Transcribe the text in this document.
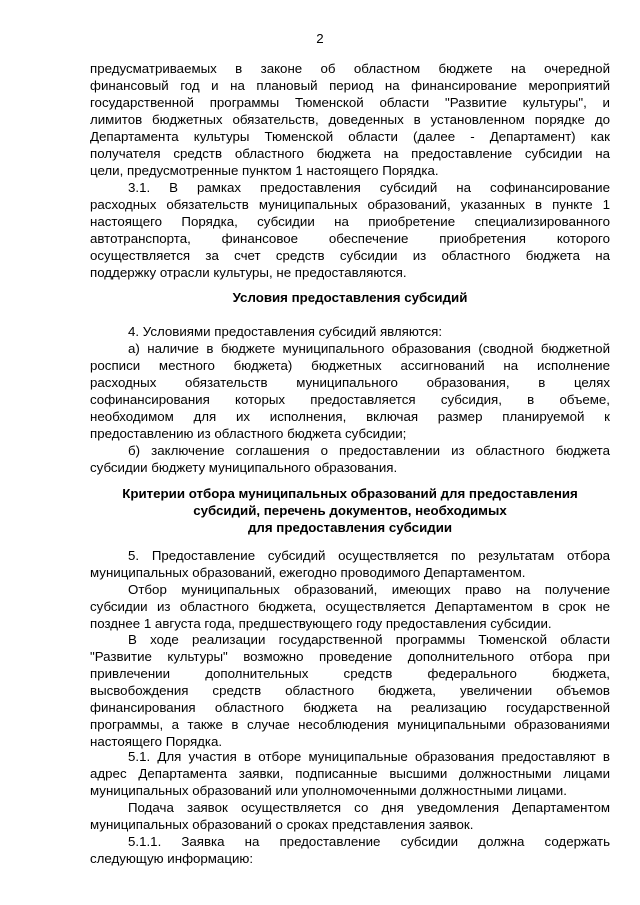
2
предусматриваемых в законе об областном бюджете на очередной
финансовый год и на плановый период на финансирование мероприятий
государственной программы Тюменской области "Развитие культуры", и
лимитов бюджетных обязательств, доведенных в установленном порядке до
Департамента культуры Тюменской области (далее - Департамент) как
получателя средств областного бюджета на предоставление субсидии на
цели, предусмотренные пунктом 1 настоящего Порядка.
3.1. В рамках предоставления субсидий на софинансирование
расходных обязательств муниципальных образований, указанных в пункте 1
настоящего Порядка, субсидии на приобретение специализированного
автотранспорта, финансовое обеспечение приобретения которого
осуществляется за счет средств субсидии из областного бюджета на
поддержку отрасли культуры, не предоставляются.
Условия предоставления субсидий
4. Условиями предоставления субсидий являются:
а) наличие в бюджете муниципального образования (сводной бюджетной
росписи местного бюджета) бюджетных ассигнований на исполнение
расходных обязательств муниципального образования, в целях
софинансирования которых предоставляется субсидия, в объеме,
необходимом для их исполнения, включая размер планируемой к
предоставлению из областного бюджета субсидии;
б) заключение соглашения о предоставлении из областного бюджета
субсидии бюджету муниципального образования.
Критерии отбора муниципальных образований для предоставления
субсидий, перечень документов, необходимых
для предоставления субсидии
5. Предоставление субсидий осуществляется по результатам отбора
муниципальных образований, ежегодно проводимого Департаментом.
Отбор муниципальных образований, имеющих право на получение
субсидии из областного бюджета, осуществляется Департаментом в срок не
позднее 1 августа года, предшествующего году предоставления субсидии.
В ходе реализации государственной программы Тюменской области
"Развитие культуры" возможно проведение дополнительного отбора при
привлечении дополнительных средств федерального бюджета,
высвобождения средств областного бюджета, увеличении объемов
финансирования областного бюджета на реализацию государственной
программы, а также в случае несоблюдения муниципальными образованиями
настоящего Порядка.
5.1. Для участия в отборе муниципальные образования предоставляют в
адрес Департамента заявки, подписанные высшими должностными лицами
муниципальных образований или уполномоченными должностными лицами.
Подача заявок осуществляется со дня уведомления Департаментом
муниципальных образований о сроках представления заявок.
5.1.1. Заявка на предоставление субсидии должна содержать
следующую информацию:
